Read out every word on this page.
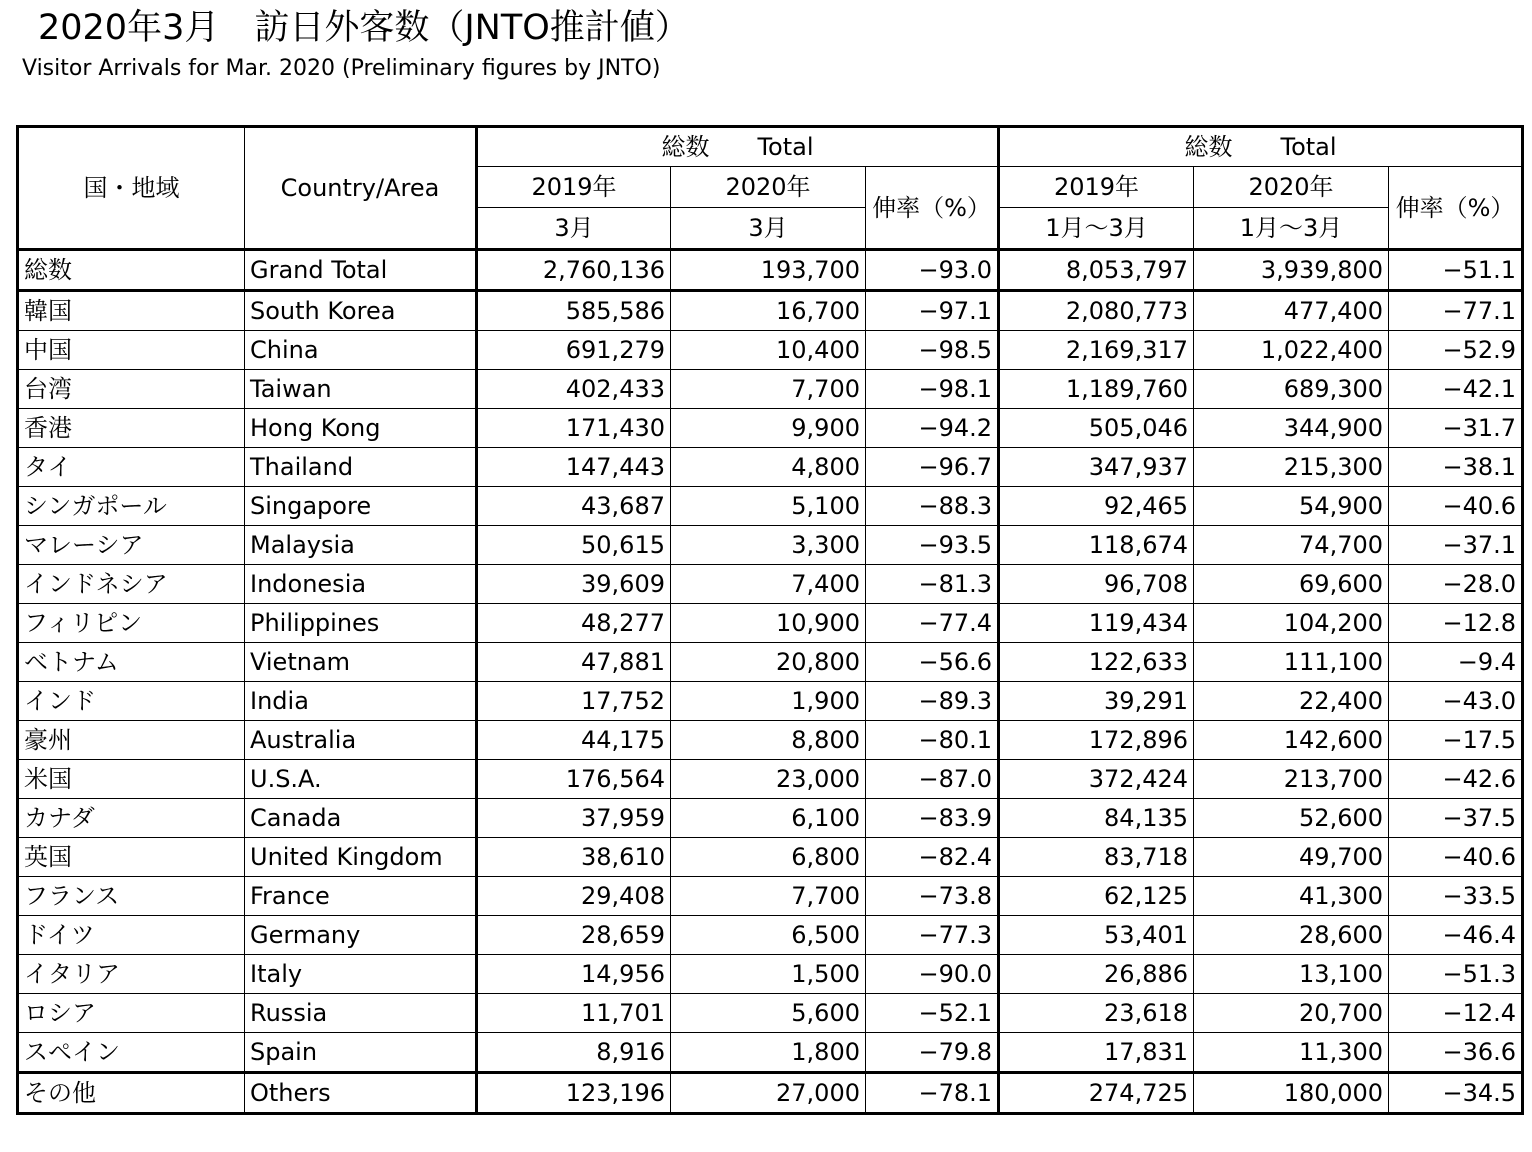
2020年3月　訪日外客数（JNTO推計値）
Visitor Arrivals for Mar. 2020 (Preliminary figures by JNTO)
国・地域	Country/Area	総数　　Total			総数　　Total		
		2019年	2020年	伸率（%）	2019年	2020年	伸率（%）
		3月	3月		1月～3月	1月～3月	
総数	Grand Total	2,760,136	193,700	−93.0	8,053,797	3,939,800	−51.1
韓国	South Korea	585,586	16,700	−97.1	2,080,773	477,400	−77.1
中国	China	691,279	10,400	−98.5	2,169,317	1,022,400	−52.9
台湾	Taiwan	402,433	7,700	−98.1	1,189,760	689,300	−42.1
香港	Hong Kong	171,430	9,900	−94.2	505,046	344,900	−31.7
タイ	Thailand	147,443	4,800	−96.7	347,937	215,300	−38.1
シンガポール	Singapore	43,687	5,100	−88.3	92,465	54,900	−40.6
マレーシア	Malaysia	50,615	3,300	−93.5	118,674	74,700	−37.1
インドネシア	Indonesia	39,609	7,400	−81.3	96,708	69,600	−28.0
フィリピン	Philippines	48,277	10,900	−77.4	119,434	104,200	−12.8
ベトナム	Vietnam	47,881	20,800	−56.6	122,633	111,100	−9.4
インド	India	17,752	1,900	−89.3	39,291	22,400	−43.0
豪州	Australia	44,175	8,800	−80.1	172,896	142,600	−17.5
米国	U.S.A.	176,564	23,000	−87.0	372,424	213,700	−42.6
カナダ	Canada	37,959	6,100	−83.9	84,135	52,600	−37.5
英国	United Kingdom	38,610	6,800	−82.4	83,718	49,700	−40.6
フランス	France	29,408	7,700	−73.8	62,125	41,300	−33.5
ドイツ	Germany	28,659	6,500	−77.3	53,401	28,600	−46.4
イタリア	Italy	14,956	1,500	−90.0	26,886	13,100	−51.3
ロシア	Russia	11,701	5,600	−52.1	23,618	20,700	−12.4
スペイン	Spain	8,916	1,800	−79.8	17,831	11,300	−36.6
その他	Others	123,196	27,000	−78.1	274,725	180,000	−34.5
